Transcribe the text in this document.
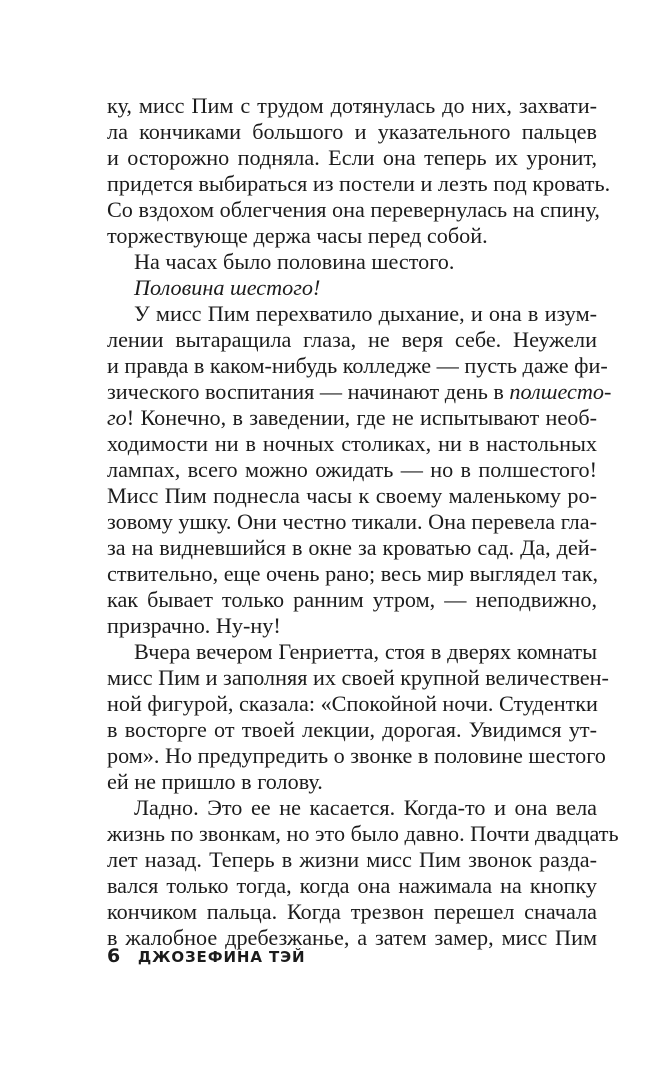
ку, мисс Пим с трудом дотянулась до них, захвати-
ла кончиками большого и указательного пальцев
и осторожно подняла. Если она теперь их уронит,
придется выбираться из постели и лезть под кровать.
Со вздохом облегчения она перевернулась на спину,
торжествующе держа часы перед собой.
На часах было половина шестого.
Половина шестого!
У мисс Пим перехватило дыхание, и она в изум-
лении вытаращила глаза, не веря себе. Неужели
и правда в каком-нибудь колледже — пусть даже фи-
зического воспитания — начинают день в полшесто-
го! Конечно, в заведении, где не испытывают необ-
ходимости ни в ночных столиках, ни в настольных
лампах, всего можно ожидать — но в полшестого!
Мисс Пим поднесла часы к своему маленькому ро-
зовому ушку. Они честно тикали. Она перевела гла-
за на видневшийся в окне за кроватью сад. Да, дей-
ствительно, еще очень рано; весь мир выглядел так,
как бывает только ранним утром, — неподвижно,
призрачно. Ну-ну!
Вчера вечером Генриетта, стоя в дверях комнаты
мисс Пим и заполняя их своей крупной величествен-
ной фигурой, сказала: «Спокойной ночи. Студентки
в восторге от твоей лекции, дорогая. Увидимся ут-
ром». Но предупредить о звонке в половине шестого
ей не пришло в голову.
Ладно. Это ее не касается. Когда-то и она вела
жизнь по звонкам, но это было давно. Почти двадцать
лет назад. Теперь в жизни мисс Пим звонок разда-
вался только тогда, когда она нажимала на кнопку
кончиком пальца. Когда трезвон перешел сначала
в жалобное дребезжанье, а затем замер, мисс Пим
6 ДЖОЗЕФИНА ТЭЙ
